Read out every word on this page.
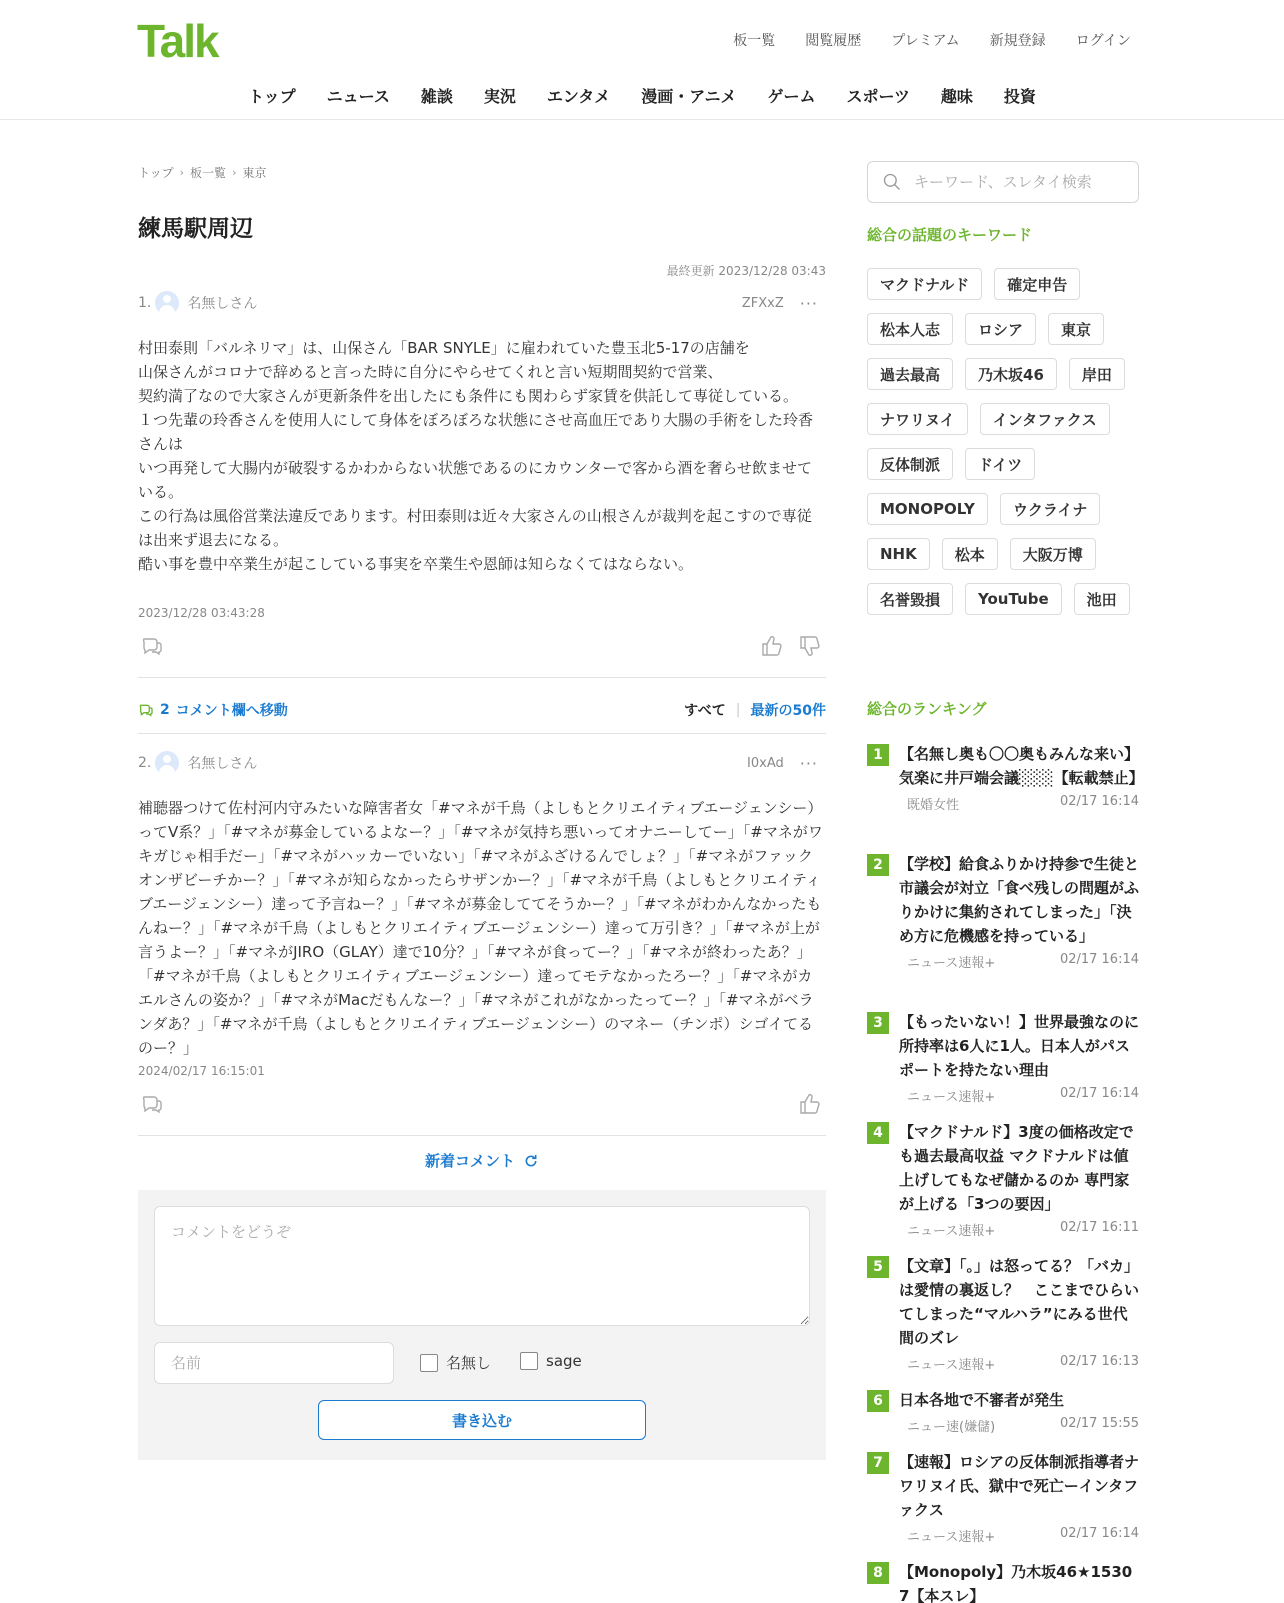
Talk	板一覧 閲覧履歴 プレミアム 新規登録 ログイン
トップ ニュース 雑談 実況 エンタメ 漫画・アニメ ゲーム スポーツ 趣味 投資
トップ › 板一覧 › 東京
練馬駅周辺
最終更新 2023/12/28 03:43
1.	名無しさん	ZFXxZ ···

村田泰則「バルネリマ」は、山保さん「BAR SNYLE」に雇われていた豊玉北5-17の店舗を

山保さんがコロナで辞めると言った時に自分にやらせてくれと言い短期間契約で営業、

契約満了なので大家さんが更新条件を出したにも条件にも関わらず家賃を供託して専従している。

１つ先輩の玲香さんを使用人にして身体をぼろぼろな状態にさせ高血圧であり大腸の手術をした玲香さんは

いつ再発して大腸内が破裂するかわからない状態であるのにカウンターで客から酒を奢らせ飲ませている。

この行為は風俗営業法違反であります。村田泰則は近々大家さんの山根さんが裁判を起こすので専従は出来ず退去になる。

酷い事を豊中卒業生が起こしている事実を卒業生や恩師は知らなくてはならない。

2023/12/28 03:43:28
2 コメント欄へ移動	すべて | 最新の50件
2.	名無しさん	I0xAd ···

補聴器つけて佐村河内守みたいな障害者女「#マネが千鳥（よしもとクリエイティブエージェンシー）ってV系？」「#マネが募金しているよなー？」「#マネが気持ち悪いってオナニーしてー」「#マネがワキガじゃ相手だー」「#マネがハッカーでいない」「#マネがふざけるんでしょ？」「#マネがファックオンザビーチかー？」「#マネが知らなかったらサザンかー？」「#マネが千鳥（よしもとクリエイティブエージェンシー）達って予言ねー？」「#マネが募金しててそうかー？」「#マネがわかんなかったもんねー？」「#マネが千鳥（よしもとクリエイティブエージェンシー）達って万引き？」「#マネが上が言うよー？」「#マネがJIRO（GLAY）達で10分？」「#マネが食ってー？」「#マネが終わったあ？」「#マネが千鳥（よしもとクリエイティブエージェンシー）達ってモテなかったろー？」「#マネがカエルさんの姿か？」「#マネがMacだもんなー？」「#マネがこれがなかったってー？」「#マネがベランダあ？」「#マネが千鳥（よしもとクリエイティブエージェンシー）のマネー（チンポ）シゴイてるのー？」

2024/02/17 16:15:01
新着コメント
コメントをどうぞ
名前
名無し	sage
書き込む
キーワード、スレタイ検索
総合の話題のキーワード
マクドナルド	確定申告
松本人志	ロシア	東京
過去最高	乃木坂46	岸田
ナワリヌイ	インタファクス
反体制派	ドイツ
MONOPOLY	ウクライナ
NHK	松本	大阪万博
名誉毀損	YouTube	池田
総合のランキング
1	【名無し奥も〇〇奥もみんな来い】気楽に井戸端会議░░░【転載禁止】
既婚女性	02/17 16:14
2	【学校】給食ふりかけ持参で生徒と市議会が対立「食べ残しの問題がふりかけに集約されてしまった」「決め方に危機感を持っている」
ニュース速報+	02/17 16:14
3	【もったいない！】世界最強なのに所持率は6人に1人。日本人がパスポートを持たない理由
ニュース速報+	02/17 16:14
4	【マクドナルド】3度の価格改定でも過去最高収益 マクドナルドは値上げしてもなぜ儲かるのか 専門家が上げる「3つの要因」
ニュース速報+	02/17 16:11
5	【文章】「。」は怒ってる？「バカ」は愛情の裏返し？　ここまでひらいてしまった“マルハラ”にみる世代間のズレ
ニュース速報+	02/17 16:13
6	日本各地で不審者が発生
ニュー速(嫌儲)	02/17 15:55
7	【速報】ロシアの反体制派指導者ナワリヌイ氏、獄中で死亡ーインタファクス
ニュース速報+	02/17 16:14
8	【Monopoly】乃木坂46★15307【本スレ】
